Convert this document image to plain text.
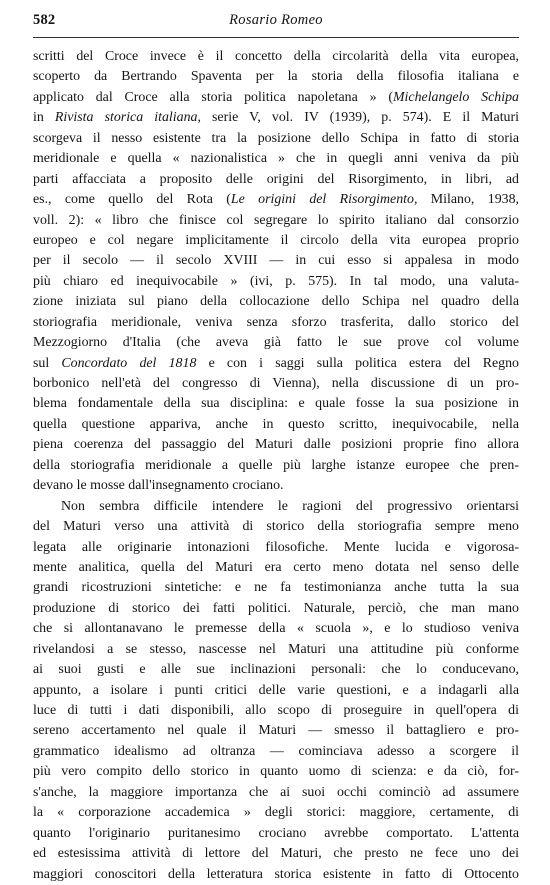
582	Rosario Romeo
scritti del Croce invece è il concetto della circolarità della vita europea,
scoperto da Bertrando Spaventa per la storia della filosofia italiana e
applicato dal Croce alla storia politica napoletana » (Michelangelo Schipa
in Rivista storica italiana, serie V, vol. IV (1939), p. 574). E il Maturi
scorgeva il nesso esistente tra la posizione dello Schipa in fatto di storia
meridionale e quella « nazionalistica » che in quegli anni veniva da più
parti affacciata a proposito delle origini del Risorgimento, in libri, ad
es., come quello del Rota (Le origini del Risorgimento, Milano, 1938,
voll. 2): « libro che finisce col segregare lo spirito italiano dal consorzio
europeo e col negare implicitamente il circolo della vita europea proprio
per il secolo — il secolo XVIII — in cui esso si appalesa in modo
più chiaro ed inequivocabile » (ivi, p. 575). In tal modo, una valuta-
zione iniziata sul piano della collocazione dello Schipa nel quadro della
storiografia meridionale, veniva senza sforzo trasferita, dallo storico del
Mezzogiorno d'Italia (che aveva già fatto le sue prove col volume
sul Concordato del 1818 e con i saggi sulla politica estera del Regno
borbonico nell'età del congresso di Vienna), nella discussione di un pro-
blema fondamentale della sua disciplina: e quale fosse la sua posizione in
quella questione appariva, anche in questo scritto, inequivocabile, nella
piena coerenza del passaggio del Maturi dalle posizioni proprie fino allora
della storiografia meridionale a quelle più larghe istanze europee che pren-
devano le mosse dall'insegnamento crociano.
Non sembra difficile intendere le ragioni del progressivo orientarsi
del Maturi verso una attività di storico della storiografia sempre meno
legata alle originarie intonazioni filosofiche. Mente lucida e vigorosa-
mente analitica, quella del Maturi era certo meno dotata nel senso delle
grandi ricostruzioni sintetiche: e ne fa testimonianza anche tutta la sua
produzione di storico dei fatti politici. Naturale, perciò, che man mano
che si allontanavano le premesse della « scuola », e lo studioso veniva
rivelandosi a se stesso, nascesse nel Maturi una attitudine più conforme
ai suoi gusti e alle sue inclinazioni personali: che lo conducevano,
appunto, a isolare i punti critici delle varie questioni, e a indagarli alla
luce di tutti i dati disponibili, allo scopo di proseguire in quell'opera di
sereno accertamento nel quale il Maturi — smesso il battagliero e pro-
grammatico idealismo ad oltranza — cominciava adesso a scorgere il
più vero compito dello storico in quanto uomo di scienza: e da ciò, for-
s'anche, la maggiore importanza che ai suoi occhi cominciò ad assumere
la « corporazione accademica » degli storici: maggiore, certamente, di
quanto l'originario puritanesimo crociano avrebbe comportato. L'attenta
ed estesissima attività di lettore del Maturi, che presto ne fece uno dei
maggiori conoscitori della letteratura storica esistente in fatto di Ottocento
